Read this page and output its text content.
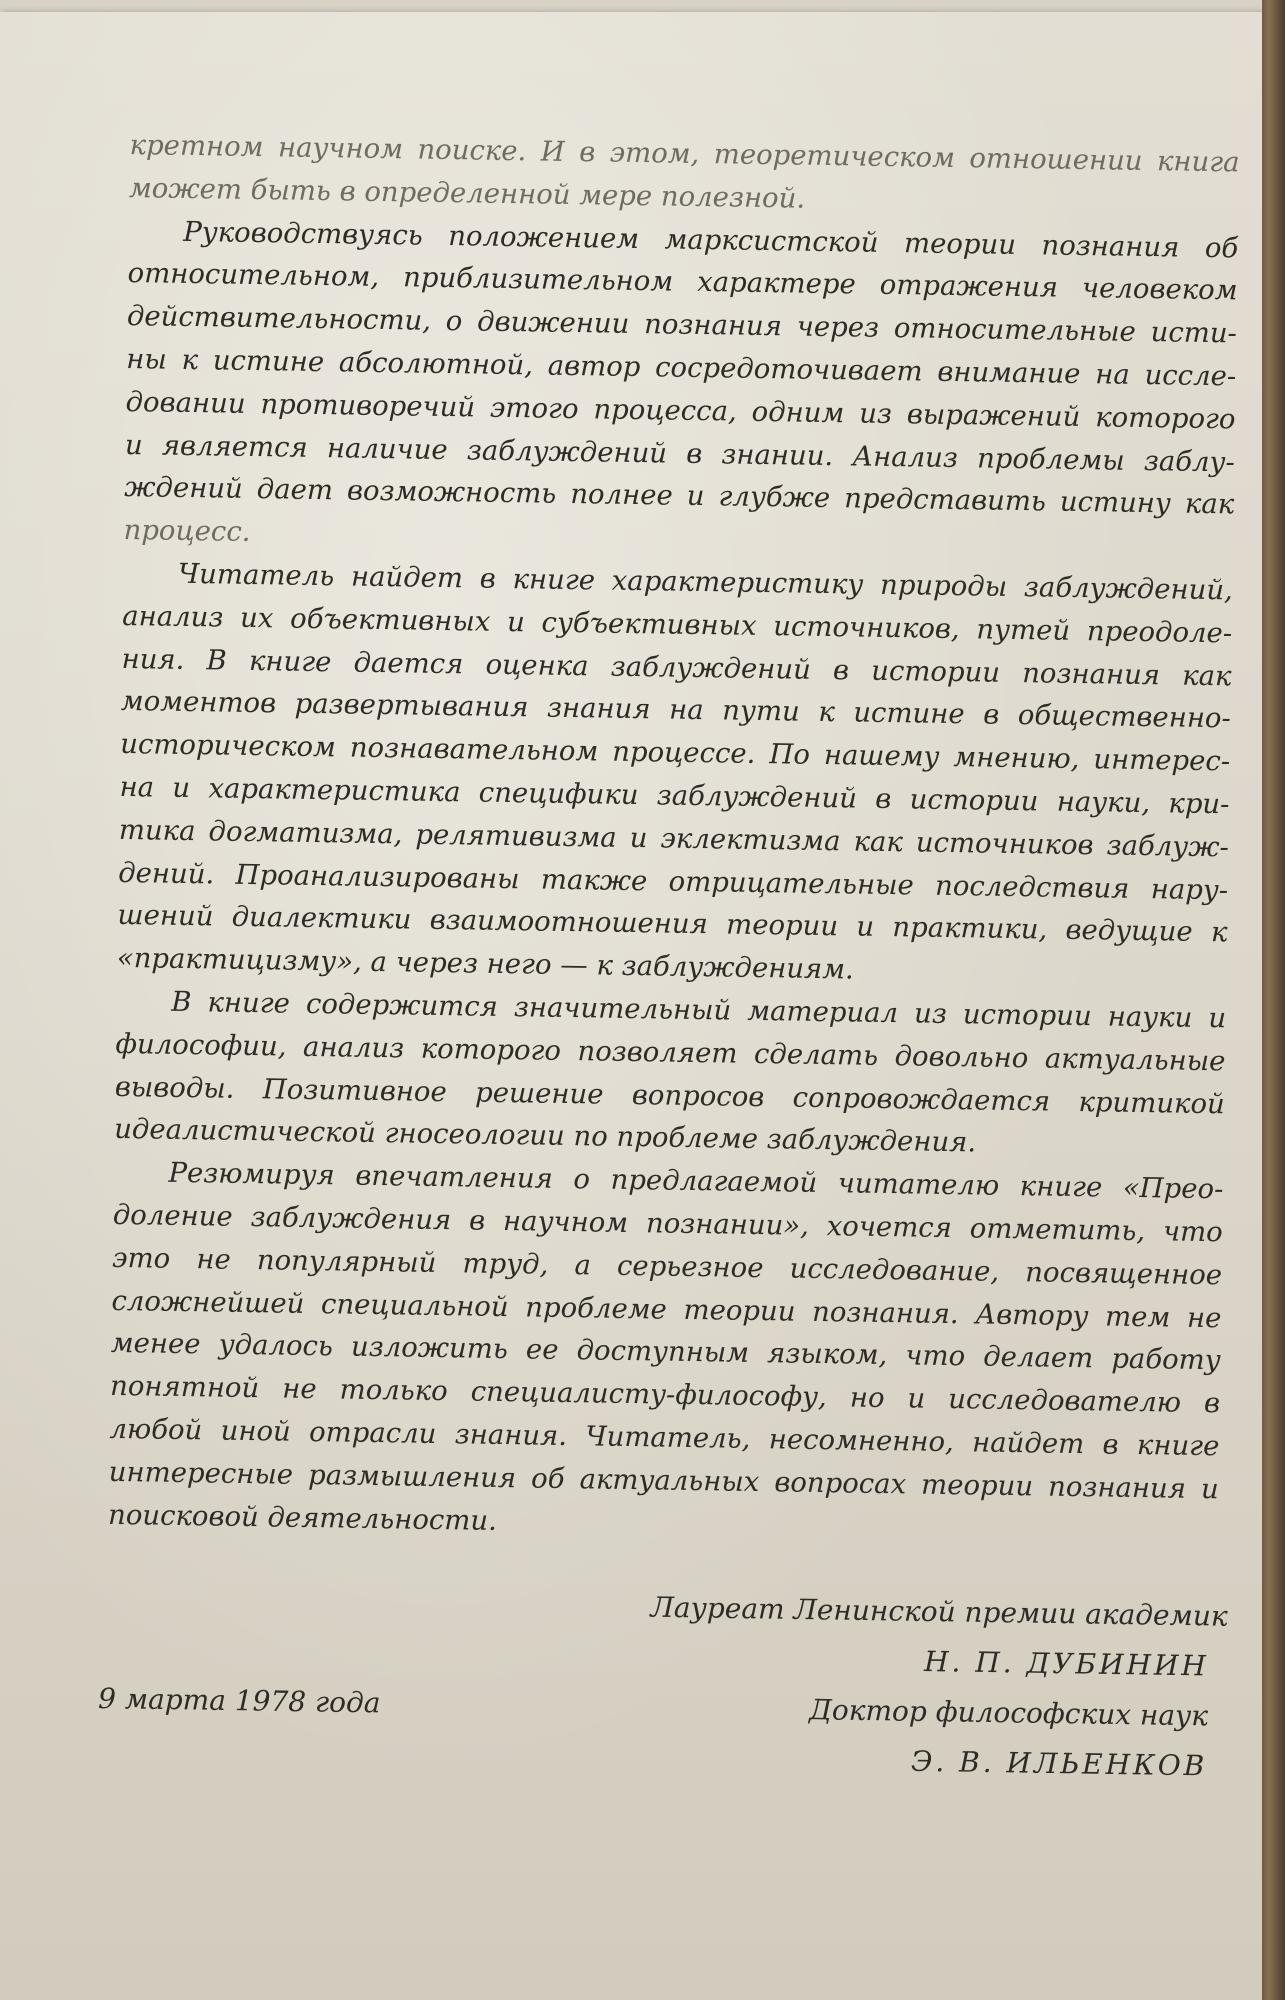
кретном научном поиске. И в этом, теоретическом отношении книга
может быть в определенной мере полезной.
Руководствуясь положением марксистской теории познания об
относительном, приблизительном характере отражения человеком
действительности, о движении познания через относительные исти-
ны к истине абсолютной, автор сосредоточивает внимание на иссле-
довании противоречий этого процесса, одним из выражений которого
и является наличие заблуждений в знании. Анализ проблемы заблу-
ждений дает возможность полнее и глубже представить истину как
процесс.
Читатель найдет в книге характеристику природы заблуждений,
анализ их объективных и субъективных источников, путей преодоле-
ния. В книге дается оценка заблуждений в истории познания как
моментов развертывания знания на пути к истине в общественно-
историческом познавательном процессе. По нашему мнению, интерес-
на и характеристика специфики заблуждений в истории науки, кри-
тика догматизма, релятивизма и эклектизма как источников заблуж-
дений. Проанализированы также отрицательные последствия нару-
шений диалектики взаимоотношения теории и практики, ведущие к
«практицизму», а через него — к заблуждениям.
В книге содержится значительный материал из истории науки и
философии, анализ которого позволяет сделать довольно актуальные
выводы. Позитивное решение вопросов сопровождается критикой
идеалистической гносеологии по проблеме заблуждения.
Резюмируя впечатления о предлагаемой читателю книге «Прео-
доление заблуждения в научном познании», хочется отметить, что
это не популярный труд, а серьезное исследование, посвященное
сложнейшей специальной проблеме теории познания. Автору тем не
менее удалось изложить ее доступным языком, что делает работу
понятной не только специалисту-философу, но и исследователю в
любой иной отрасли знания. Читатель, несомненно, найдет в книге
интересные размышления об актуальных вопросах теории познания и
поисковой деятельности.
Лауреат Ленинской премии академик
Н. П. ДУБИНИН
9 марта 1978 года	Доктор философских наук
Э. В. ИЛЬЕНКОВ
